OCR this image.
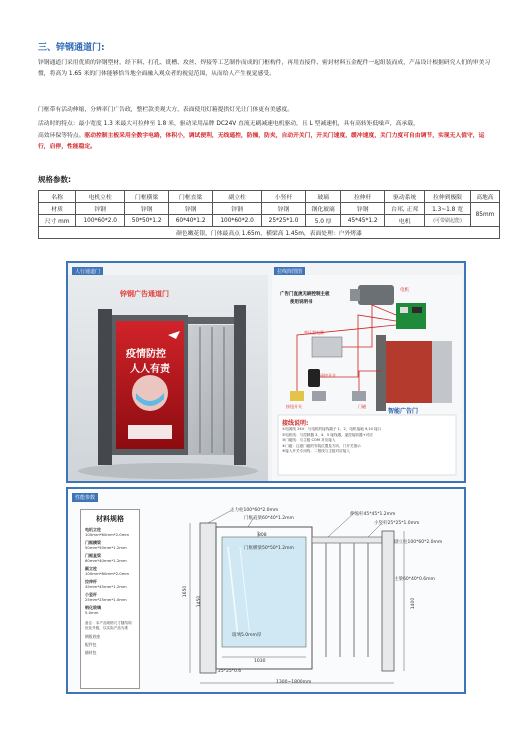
三、锌钢通道门:
锌钢通道门采用优质的锌钢型材，经下料、打孔、铣槽、攻丝、焊接等工艺制作而成的门框构件，再用直接件、密封材料五金配件一起组装而成，产品设计根据研究人们的审美习惯，将高为 1.65 米的门体能够恰当地全面融入观众者的视觉范围，从而给人产生视觉感受。
门框带有活动伸缩，分辨率门广告政，整栏款美观大方，表面使用灯箱提拱灯光让门体更有美感度。
活动时的特点：最小宽度 1.3 米最大可拉伸至 1.8 米，驱动采用品牌 DC24V 直流无刷减速电机驱动，且 L 型减速机，具有高转矩低噪声，高承载，
高效环保等特点。驱动控制主板采用全数字电路，体积小，调试便利，无线遥控，防撞，防夹，自动开关门，开关门速度，缓冲速度，关门力度可自由调节，实现无人值守，运行，启停，性能稳定。
规格参数:
名称	电机立柱	门框横梁	门框直梁	副立柱	小竖杆	玻璃	拉伸杆	驱动系统	拉伸到极限	高地高
材质	锌钢	锌钢	锌钢	锌钢	锌钢	钢化玻璃	锌钢	台邦, 正邦	1.3~1.8 宽	85mm
尺寸 mm	100*60*2.0	50*50*1.2	60*40*1.2	100*60*2.0	25*25*1.0	5.0 厚	45*45*1.2	电机	(可带刷起能)	
颜色嫩花银，门体最高点 1.65m，横梁高 1.45m，表面处理：户外烤漆										
人行通道门	拉线简图图
锌钢广告通道门
疫情防控
人人有责
广告门直流无刷控制主板
使用说明书
电机
变压器电源
遥控开关
按钮开关	门磁
智能广告门
接线说明:
①电源线 24V：与电机的接线端子 1、2，电机接地 9,10 接口
②电机线：与控制器 3、4、5 接线端，遥控接收器+对应
③门磁线：与主板 COM 对应接入
④门磁：注意门磁的安装位置及方向，门开关指示
⑤接入开关专用线：二根线与主板对应接入
性能参数
材料规格
电机立柱
100mm*60mm*2.0mm
门框横梁
50mm*50mm*1.2mm
门框直梁
60mm*40mm*1.2mm
副立柱
100mm*60mm*2.0mm
拉伸杆
45mm*45mm*1.2mm
小竖杆
25mm*25mm*1.0mm
钢化玻璃
5.0mm
备注：本产品规格尺寸随结构优化升级，以实际产品为准
钢板底座
配件包
辅材包
主力柱100*60*2.0mm
门框直梁60*40*1.2mm
门框横梁50*50*1.2mm
伸缩杆45*45*1.2mm
小竖杆25*25*1.0mm
副立柱100*60*2.0mm
主梁60*40*0.6mm
玻璃5.0mm厚
1650
1450	1400
808
1030
1300~1800mm
25*25*0.6
